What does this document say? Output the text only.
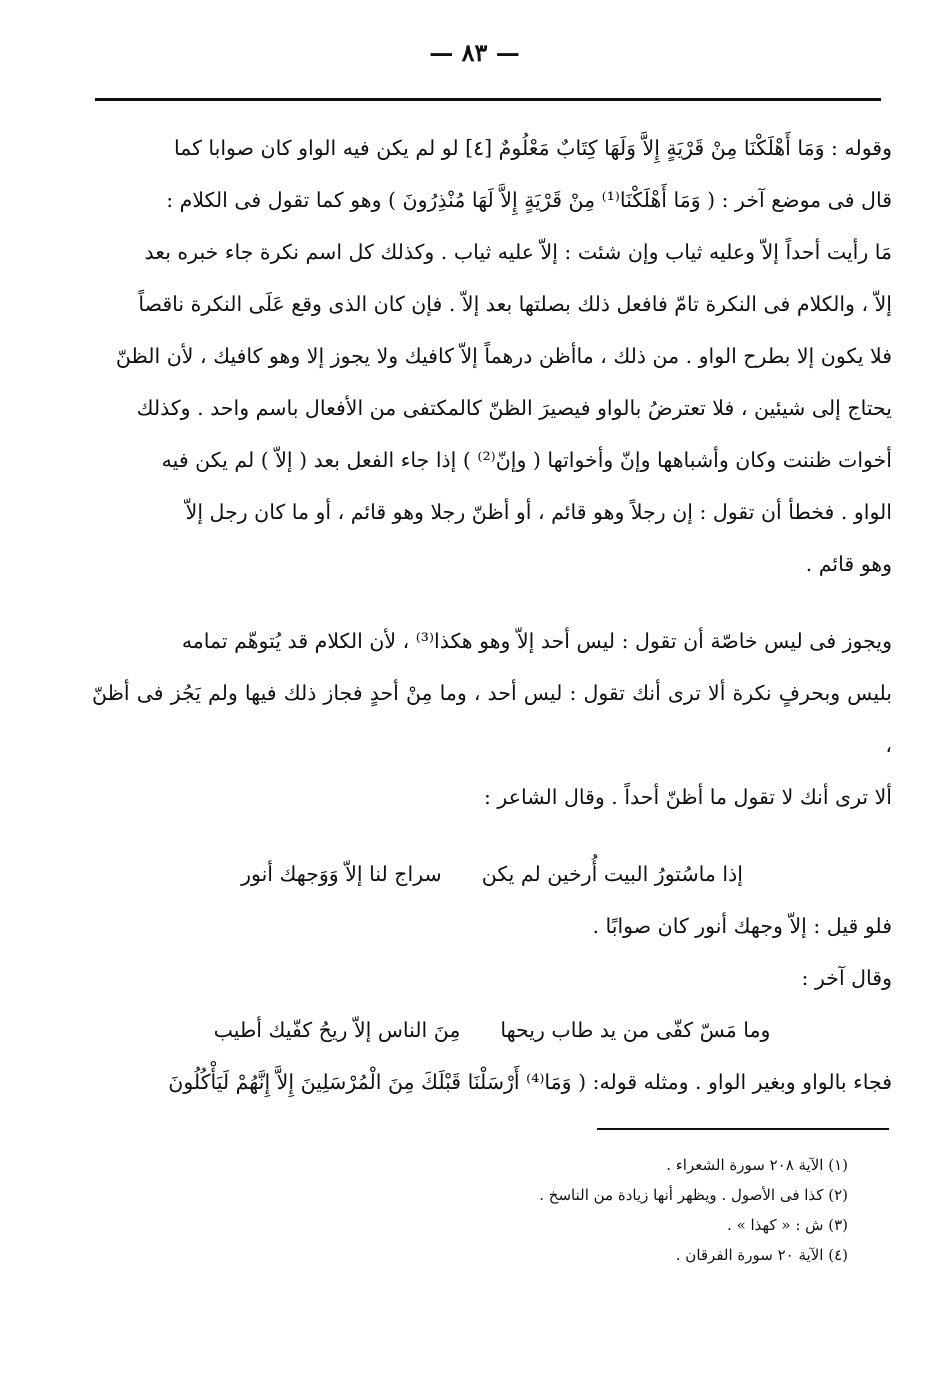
— ٨٣ —

وقوله : وَمَا أَهْلَكْنَا مِنْ قَرْيَةٍ إِلاَّ وَلَهَا كِتَابٌ مَعْلُومٌ [٤] لو لم يكن فيه الواو كان صوابا كما

قال فى موضع آخر : ( وَمَا أَهْلَكْنَا⁽¹⁾ مِنْ قَرْيَةٍ إِلاَّ لَهَا مُنْذِرُونَ ) وهو كما تقول فى الكلام :

مَا رأيت أحداً إلاّ وعليه ثياب وإن شئت : إلاّ عليه ثياب . وكذلك كل اسم نكرة جاء خبره بعد

إلاّ ، والكلام فى النكرة تامّ فافعل ذلك بصلتها بعد إلاّ . فإن كان الذى وقع عَلَى النكرة ناقصاً

فلا يكون إلا بطرح الواو . من ذلك ، ماأظن درهماً إلاّ كافيك ولا يجوز إلا وهو كافيك ، لأن الظنّ

يحتاج إلى شيئين ، فلا تعترضُ بالواو فيصيرَ الظنّ كالمكتفى من الأفعال باسم واحد . وكذلك

أخوات ظننت وكان وأشباهها وإنّ وأخواتها ( وإنّ⁽²⁾ ) إذا جاء الفعل بعد ( إلاّ ) لم يكن فيه

الواو . فخطأ أن تقول : إن رجلاً وهو قائم ، أو أظنّ رجلا وهو قائم ، أو ما كان رجل إلاّ

وهو قائم .

ويجوز فى ليس خاصّة أن تقول : ليس أحد إلاّ وهو هكذا⁽³⁾ ، لأن الكلام قد يُتوهّم تمامه

بليس وبحرفٍ نكرة ألا ترى أنك تقول : ليس أحد ، وما مِنْ أحدٍ فجاز ذلك فيها ولم يَجُز فى أظنّ ،

ألا ترى أنك لا تقول ما أظنّ أحداً . وقال الشاعر :

إذا ماسُتورُ البيت أُرخين لم يكن
سراج لنا إلاّ وَوَجهك أنور

فلو قيل : إلاّ وجهك أنور كان صوابًا .

وقال آخر :

وما مَسّ كفّى من يد طاب ريحها
مِنَ الناس إلاّ ريحُ كفّيك أطيب

فجاء بالواو وبغير الواو . ومثله قوله: ( وَمَا⁽⁴⁾ أَرْسَلْنَا قَبْلَكَ مِنَ الْمُرْسَلِينَ إِلاَّ إِنَّهُمْ لَيَأْكُلُونَ

(١) الآية ٢٠٨ سورة الشعراء .
(٢) كذا فى الأصول . ويظهر أنها زيادة من الناسخ .
(٣) ش : « كهذا » .
(٤) الآية ٢٠ سورة الفرقان .
